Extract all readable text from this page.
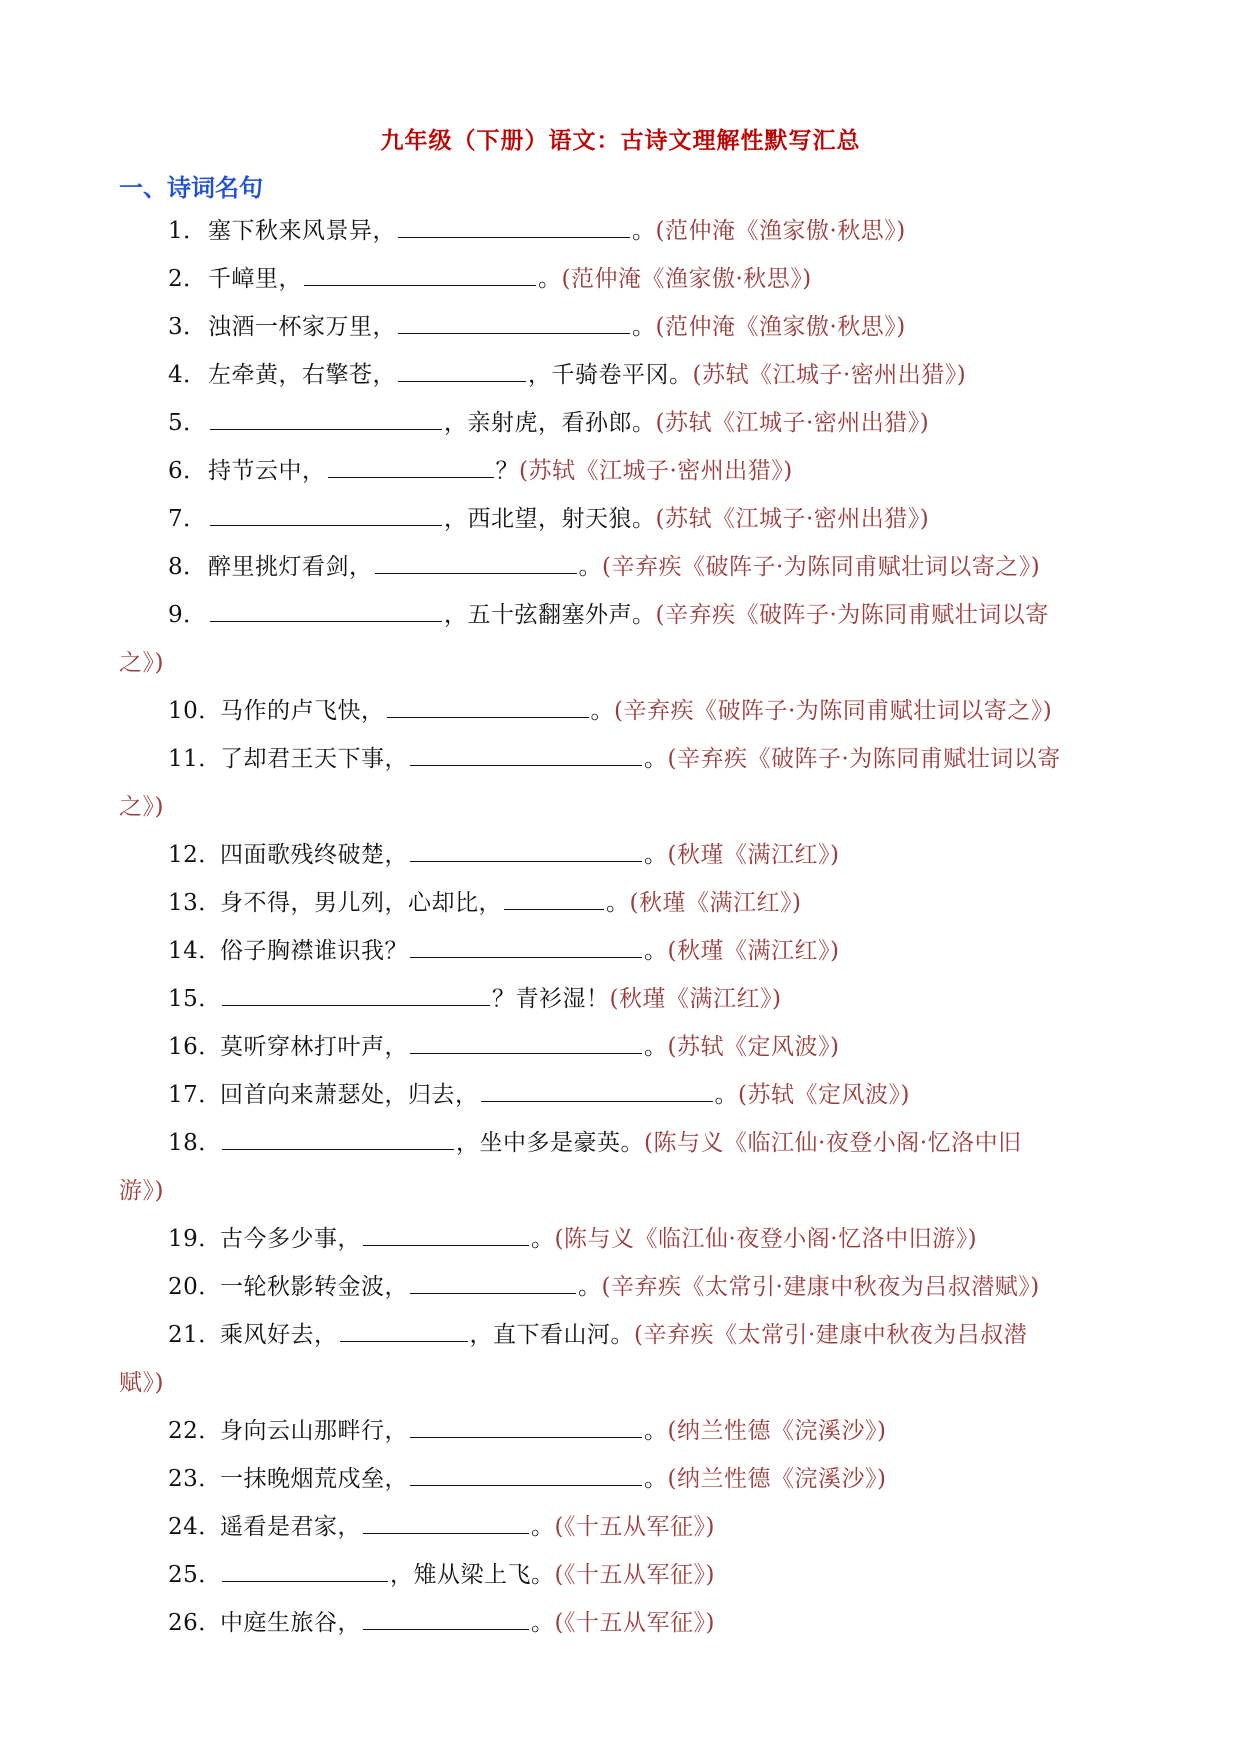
九年级（下册）语文：古诗文理解性默写汇总
一、诗词名句
1．塞下秋来风景异，	。(范仲淹《渔家傲·秋思》)
2．千嶂里，	。(范仲淹《渔家傲·秋思》)
3．浊酒一杯家万里，	。(范仲淹《渔家傲·秋思》)
4．左牵黄，右擎苍，	，千骑卷平冈。(苏轼《江城子·密州出猎》)
5．	，亲射虎，看孙郎。(苏轼《江城子·密州出猎》)
6．持节云中，	？(苏轼《江城子·密州出猎》)
7．	，西北望，射天狼。(苏轼《江城子·密州出猎》)
8．醉里挑灯看剑，	。(辛弃疾《破阵子·为陈同甫赋壮词以寄之》)
9．	，五十弦翻塞外声。(辛弃疾《破阵子·为陈同甫赋壮词以寄
之》)
10．马作的卢飞快，	。(辛弃疾《破阵子·为陈同甫赋壮词以寄之》)
11．了却君王天下事，	。(辛弃疾《破阵子·为陈同甫赋壮词以寄
之》)
12．四面歌残终破楚，	。(秋瑾《满江红》)
13．身不得，男儿列，心却比，	。(秋瑾《满江红》)
14．俗子胸襟谁识我？	。(秋瑾《满江红》)
15．	？青衫湿！(秋瑾《满江红》)
16．莫听穿林打叶声，	。(苏轼《定风波》)
17．回首向来萧瑟处，归去，	。(苏轼《定风波》)
18．	，坐中多是豪英。(陈与义《临江仙·夜登小阁·忆洛中旧
游》)
19．古今多少事，	。(陈与义《临江仙·夜登小阁·忆洛中旧游》)
20．一轮秋影转金波，	。(辛弃疾《太常引·建康中秋夜为吕叔潜赋》)
21．乘风好去，	，直下看山河。(辛弃疾《太常引·建康中秋夜为吕叔潜
赋》)
22．身向云山那畔行，	。(纳兰性德《浣溪沙》)
23．一抹晚烟荒戍垒，	。(纳兰性德《浣溪沙》)
24．遥看是君家，	。(《十五从军征》)
25．	，雉从梁上飞。(《十五从军征》)
26．中庭生旅谷，	。(《十五从军征》)
